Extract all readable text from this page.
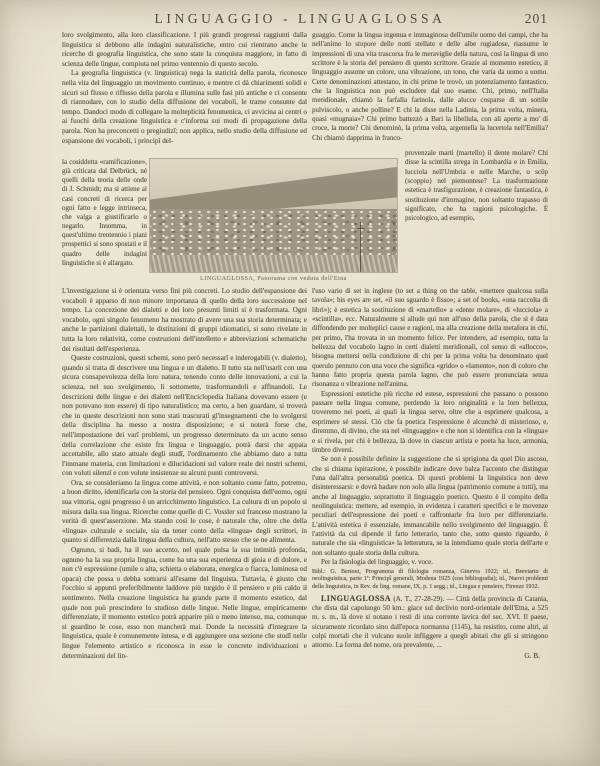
LINGUAGGIO - LINGUAGLOSSA	201

loro svolgimento, alla loro classificazione. I più grandi progressi raggiunti dalla linguistica si debbono alle indagini naturalistiche, entro cui rientrano anche le ricerche di geografia linguistica, che sono state la conquista maggiore, in fatto di scienza delle lingue, compiuta nel primo ventennio di questo secolo.

La geografia linguistica (v. linguistica) nega la staticità della parola, riconosce nella vita del linguaggio un movimento continuo, e mentre ci dà chiarimenti solidi e sicuri sul flusso e riflusso della parola e illumina sulle fasi più antiche e ci consente di riannodare, con lo studio della diffusione dei vocaboli, le trame consunte dal tempo. Dandoci modo di collegare la molteplicità fenomenica, ci avvicina ai centri o ai fuochi della creazione linguistica e c'informa sui modi di propagazione della parola. Non ha preconcetti o pregiudizî; non applica, nello studio della diffusione ed espansione dei vocaboli, i principî del-

la cosiddetta «ramificazione», già criticata dal Delbrück, né quelli della teoria delle onde di J. Schmidt; ma si attiene ai casi concreti di ricerca per ogni fatto e legge intrinseca, che valga a giustificarlo o negarlo. Insomma, in quest'ultimo trentennio i piani prospettici si sono spostati e il quadro delle indagini linguistiche si è allargato.

LINGUAGLOSSA, Panorama con veduta dell'Etna

L'investigazione si è orientata verso fini più concreti. Lo studio dell'espansione dei vocaboli è apparso di non minore importanza di quello della loro successione nel tempo. La concezione dei dialetti e dei loro presunti limiti si è trasformata. Ogni vocabolo, ogni singolo fenomeno ha mostrato di avere una sua storia determinata; e anche le partizioni dialettali, le distinzioni di gruppi idiomatici, si sono rivelate in tutta la loro relatività, come costruzioni dell'intelletto e abbreviazioni schematiche dei risultati dell'esperienza.

Queste costruzioni, questi schemi, sono però necessarî e inderogabili (v. dialetto), quando si tratta di descrivere una lingua e un dialetto. Il tutto sta nell'usarli con una sicura consapevolezza della loro natura, tenendo conto delle innovazioni, a cui la scienza, nel suo svolgimento, li sottomette, trasformandoli e affinandoli. Le descrizioni delle lingue e dei dialetti nell'Enciclopedia Italiana dovevano essere (e non potevano non essere) di tipo naturalistico; ma certo, a ben guardare, si troverà che in queste descrizioni non sono stati trascurati gl'insegnamenti che lo svolgersi della disciplina ha messo a nostra disposizione; e si noterà forse che, nell'impostazione dei varî problemi, un progresso determinato da un acuto senso della correlazione che esiste fra lingua e linguaggio, potrà darsi che appaia accettabile, allo stato attuale degli studî, l'ordinamento che abbiamo dato a tutta l'immane materia, con limitazioni e dilucidazioni sul valore reale dei nostri schemi, con voluti silenzî e con volute insistenze su alcuni punti controversi.

Ora, se consideriamo la lingua come attività, e non soltanto come fatto, potremo, a buon diritto, identificarla con la storia del pensiero. Ogni conquista dell'uomo, ogni sua vittoria, ogni progresso è un arricchimento linguistico. La cultura di un popolo si misura dalla sua lingua. Ricerche come quelle di C. Vossler sul francese mostrano la verità di quest'asserzione. Ma stando così le cose, è naturale che, oltre che della «lingua» culturale e sociale, sia da tener conto della «lingua» degli scrittori, in quanto si differenzia dalla lingua della cultura, nell'atto stesso che se ne alimenta.

Ognuno, si badi, ha il suo accento, nel quale pulsa la sua intimità profonda, ognuno ha la sua propria lingua, come ha una sua esperienza di gioia e di dolore, e non c'è espressione (umile o alta, schietta o elaborata, energica o fiacca, luminosa od opaca) che possa o debba sottrarsi all'esame del linguista. Tuttavia, è giusto che l'occhio si appunti preferibilmente laddove più turgido è il pensiero e più caldo il sentimento. Nella creazione linguistica ha grande parte il momento estetico, dal quale non può prescindere lo studioso delle lingue. Nelle lingue, empiricamente differenziate, il momento estetico potrà apparire più o meno intenso, ma, comunque si guardino le cose, esso non mancherà mai. Donde la necessità d'integrare la linguistica, quale è comunemente intesa, e di aggiungere una sezione che studî nelle lingue l'elemento artistico e riconosca in esse le concrete individuazioni e determinazioni del lin-

guaggio. Come la lingua ingenua e immaginosa dell'umile uomo dei campi, che ha nell'animo lo stupore delle notti stellate e delle albe rugiadose, riassume le impressioni di una vita trascorsa fra le meraviglie della natura, così la lingua di uno scrittore è la storia del pensiero di questo scrittore. Grazie al momento estetico, il linguaggio assume un colore, una vibrazione, un tono, che varia da uomo a uomo. Certe denominazioni attestano, in chi prime le trovò, un potenziamento fantastico, che la linguistica non può escludere dal suo esame. Chi, primo, nell'Italia meridionale, chiamò la farfalla farinola, dalle alucce cosparse di un sottile pulviscolo, o anche polline? E chi la disse nella Ladinia, la prima volta, minera, quasi «mugnaia»? Chi primo battezzò a Bari la libellula, con ali aperte a mo' di croce, la morte? Chi denominò, la prima volta, argentella la lucertola nell'Emilia? Chi chiamò dapprima in franco-

provenzale martì (martello) il dente molare? Chi disse la scintilla strega in Lombardia e in Emilia, lucciola nell'Umbria e nelle Marche, o scöp (scoppio) nel piemontese? La trasformazione estetica è trasfigurazione, è creazione fantastica, è sostituzione d'immagine, non soltanto trapasso di significato, che ha ragioni psicologiche. È psicologico, ad esempio,

l'uso vario di set in inglese (to set a thing on the table, «mettere qualcosa sulla tavola»; his eyes are set, «il suo sguardo è fisso»; a set of books, «una raccolta di libri»); è estetica la sostituzione di «martello» a «dente molare», di «lucciola» a «scintilla», ecc. Naturalmente si allude qui non all'uso della parola, che si è data diffondendo per molteplici cause e ragioni, ma alla creazione della metafora in chi, per primo, l'ha trovata in un momento felice. Per intendere, ad esempio, tutta la bellezza del vocabolo lagno in certi dialetti meridionali, col senso di «allocco», bisogna mettersi nella condizione di chi per la prima volta ha denominato quel querulo pennuto con una voce che significa «grido» o «lamento», non di coloro che hanno fatto propria questa parola lagno, che può essere pronunciata senza risonanza o vibrazione nell'anima.

Espressioni estetiche più ricche ed estese, espressioni che passano o possono passare nella lingua comune, perdendo la loro originalità e la loro bellezza, troveremo nei poeti, ai quali la lingua serve, oltre che a esprimere qualcosa, a esprimere sé stessi. Ciò che fa poetica l'espressione è alcunché di misterioso, e, diremmo, di divino, che sta nel «linguaggio» e che non si identifica con la «lingua» e si rivela, per chi è bellezza, là dove in ciascun artista e poeta ha luce, armonia, timbro diversi.

Se non è possibile definire la suggestione che si sprigiona da quel Dio ascoso, che si chiama ispirazione, è possibile indicare dove balza l'accento che distingue l'una dall'altra personalità poetica. Di questi problemi la linguistica non deve disinteressarsi: e dovrà badare non solo alla lingua (patrimonio comune a tutti), ma anche al linguaggio, soprattutto il linguaggio poetico. Questo è il compito della neolinguistica: mettere, ad esempio, in evidenza i caratteri specifici e le movenze peculiari dell'espressione dei poeti e raffrontarle fra loro per differenziarle. L'attività estetica è essenziale, immancabile nello svolgimento del linguaggio. È l'attività da cui dipende il fatto letterario, tanto che, sotto questo riguardo, è naturale che sia «linguistica» la letteratura, se la intendiamo quale storia dell'arte e non soltanto quale storia della cultura.

Per la fisiologia del linguaggio, v. voce.

Bibl.: G. Bertoni, Programma di filologia romanza, Ginevra 1922; id., Breviario di neolinguistica, parte 1ª: Principî generali, Modena 1925 (con bibliografia); id., Nuovi problemi della linguistica, in Rev. de ling. romane, IX, p. 1 segg.; id., Lingua e pensiero, Firenze 1932.

LINGUAGLOSSA (A. T., 27-28-29). — Città della provincia di Catania, che dista dal capoluogo 50 km.: giace sul declivio nord-orientale dell'Etna, a 525 m. s. m., là dove si notano i resti di una corrente lavica del sec. XVI. Il paese, sicuramente ricordato sino dall'epoca normanna (1145), ha resistito, come altri, ai colpi mortali che il vulcano suole infliggere a quegli abitati che gli si stringono attorno. La forma del nome, ora prevalente, ...

G. B.
